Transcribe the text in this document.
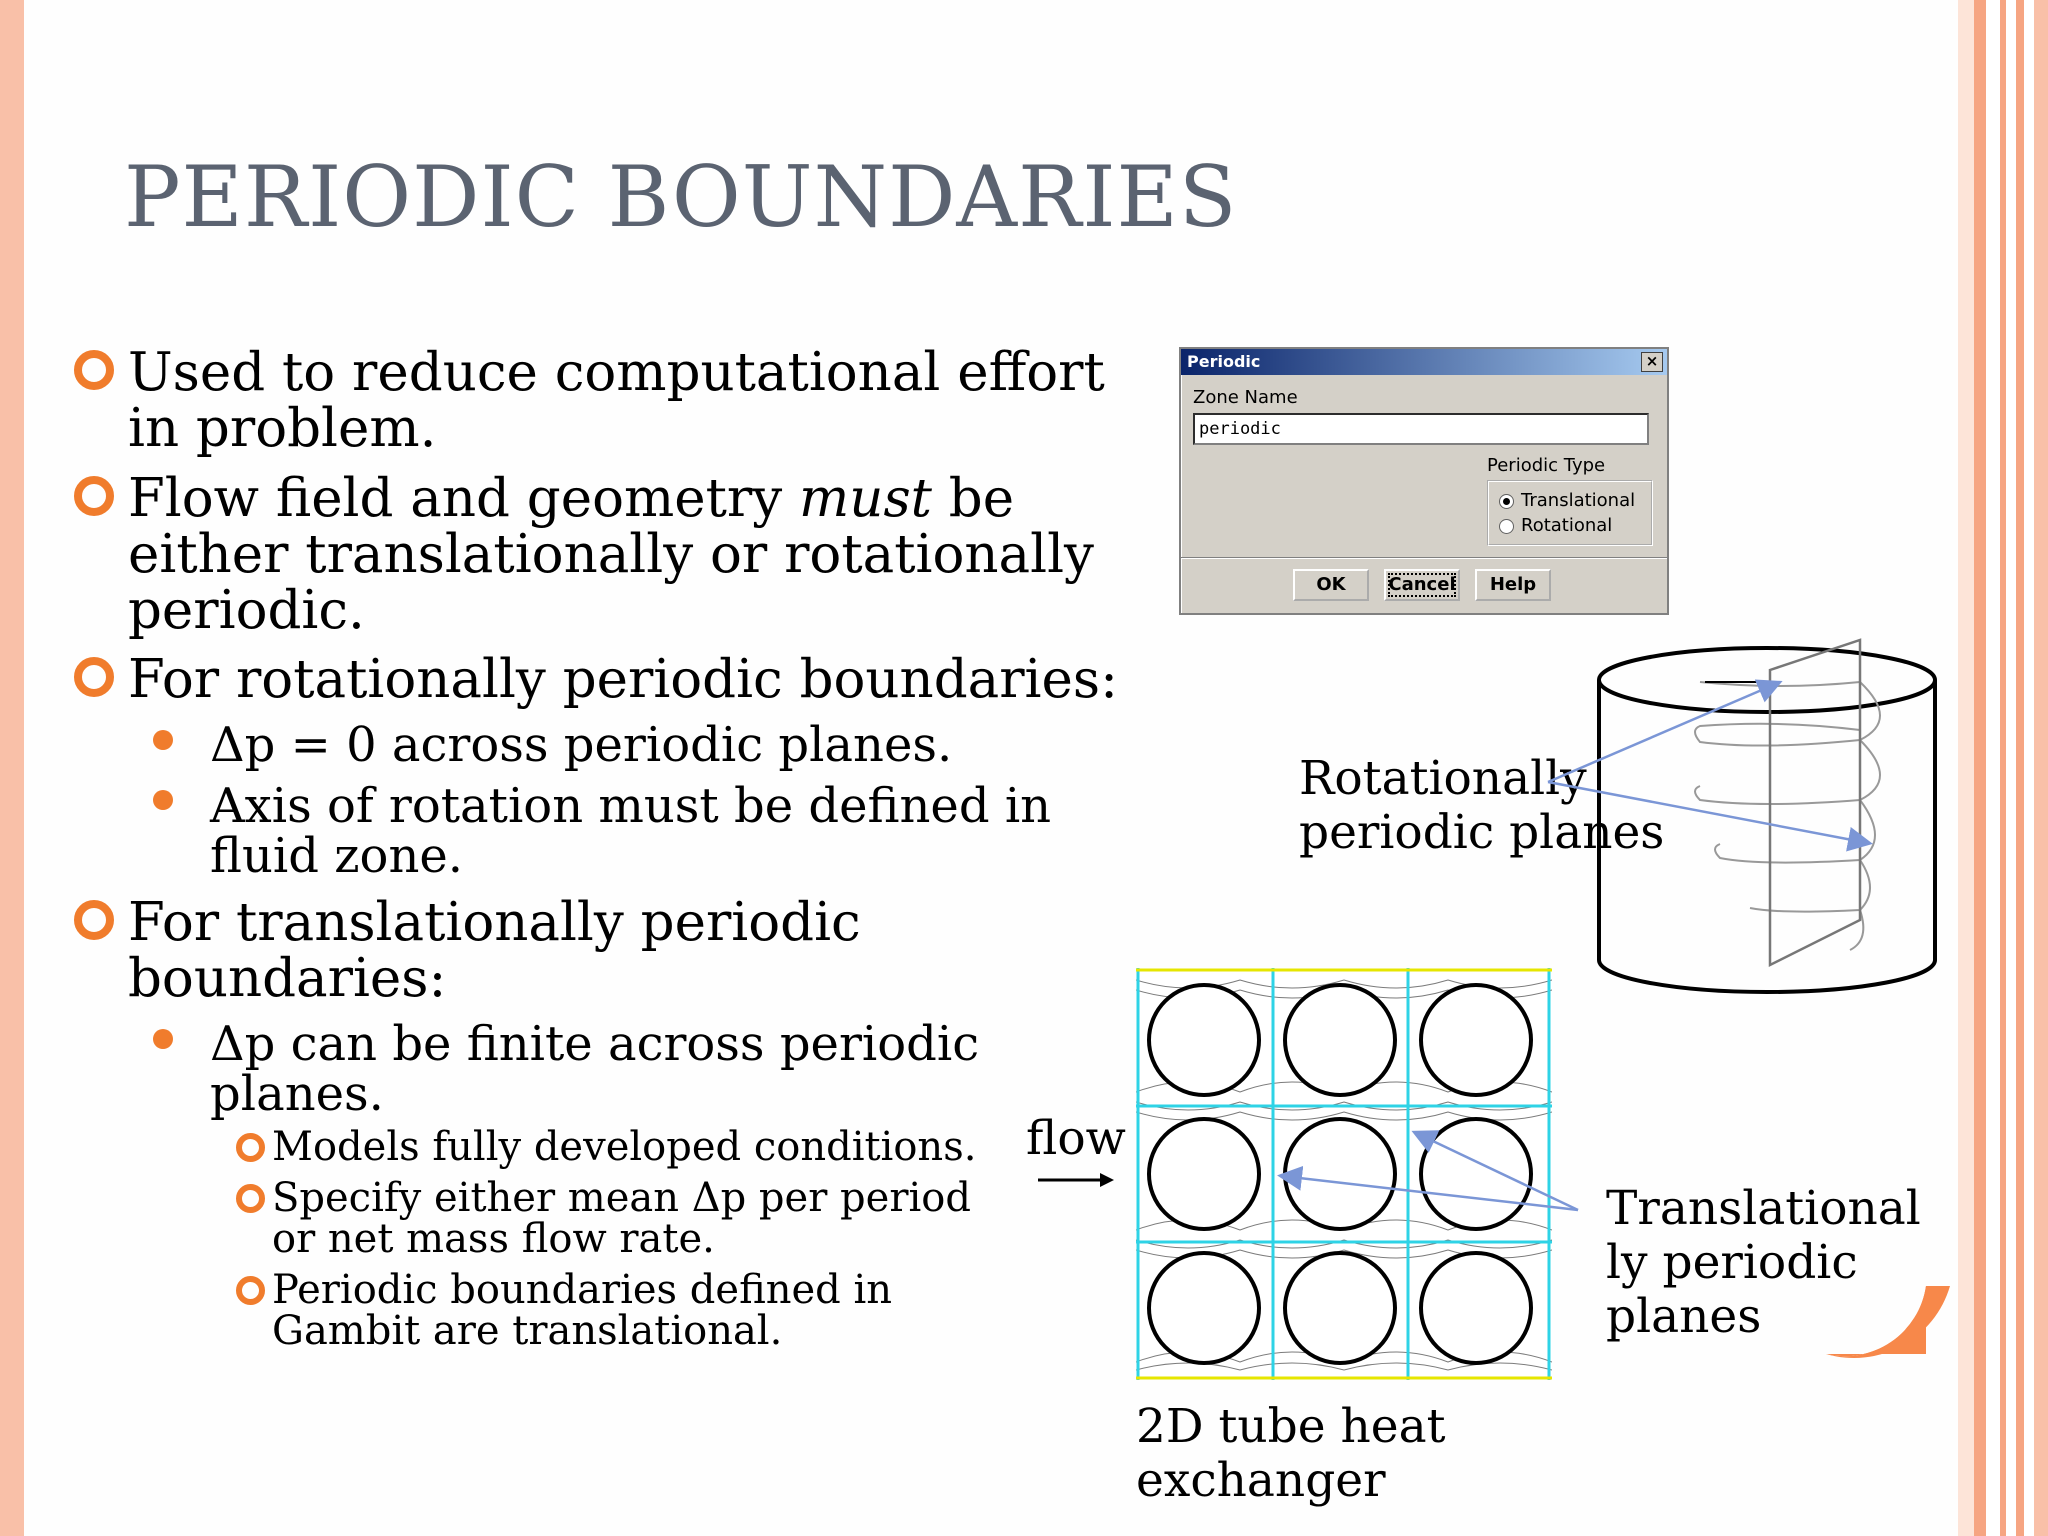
PERIODIC BOUNDARIES
Used to reduce computational effort
in problem.
Flow field and geometry must be
either translationally or rotationally
periodic.
For rotationally periodic boundaries:
Δp = 0 across periodic planes.
Axis of rotation must be defined in
fluid zone.
For translationally periodic
boundaries:
Δp can be finite across periodic
planes.
Models fully developed conditions.
Specify either mean Δp per period
or net mass flow rate.
Periodic boundaries defined in
Gambit are translational.
Periodic	×
Zone Name
periodic
Periodic Type
Translational
Rotational
OK	Cancel	Help
Rotationally
periodic planes
flow
Translational
ly periodic
planes
2D tube heat
exchanger
